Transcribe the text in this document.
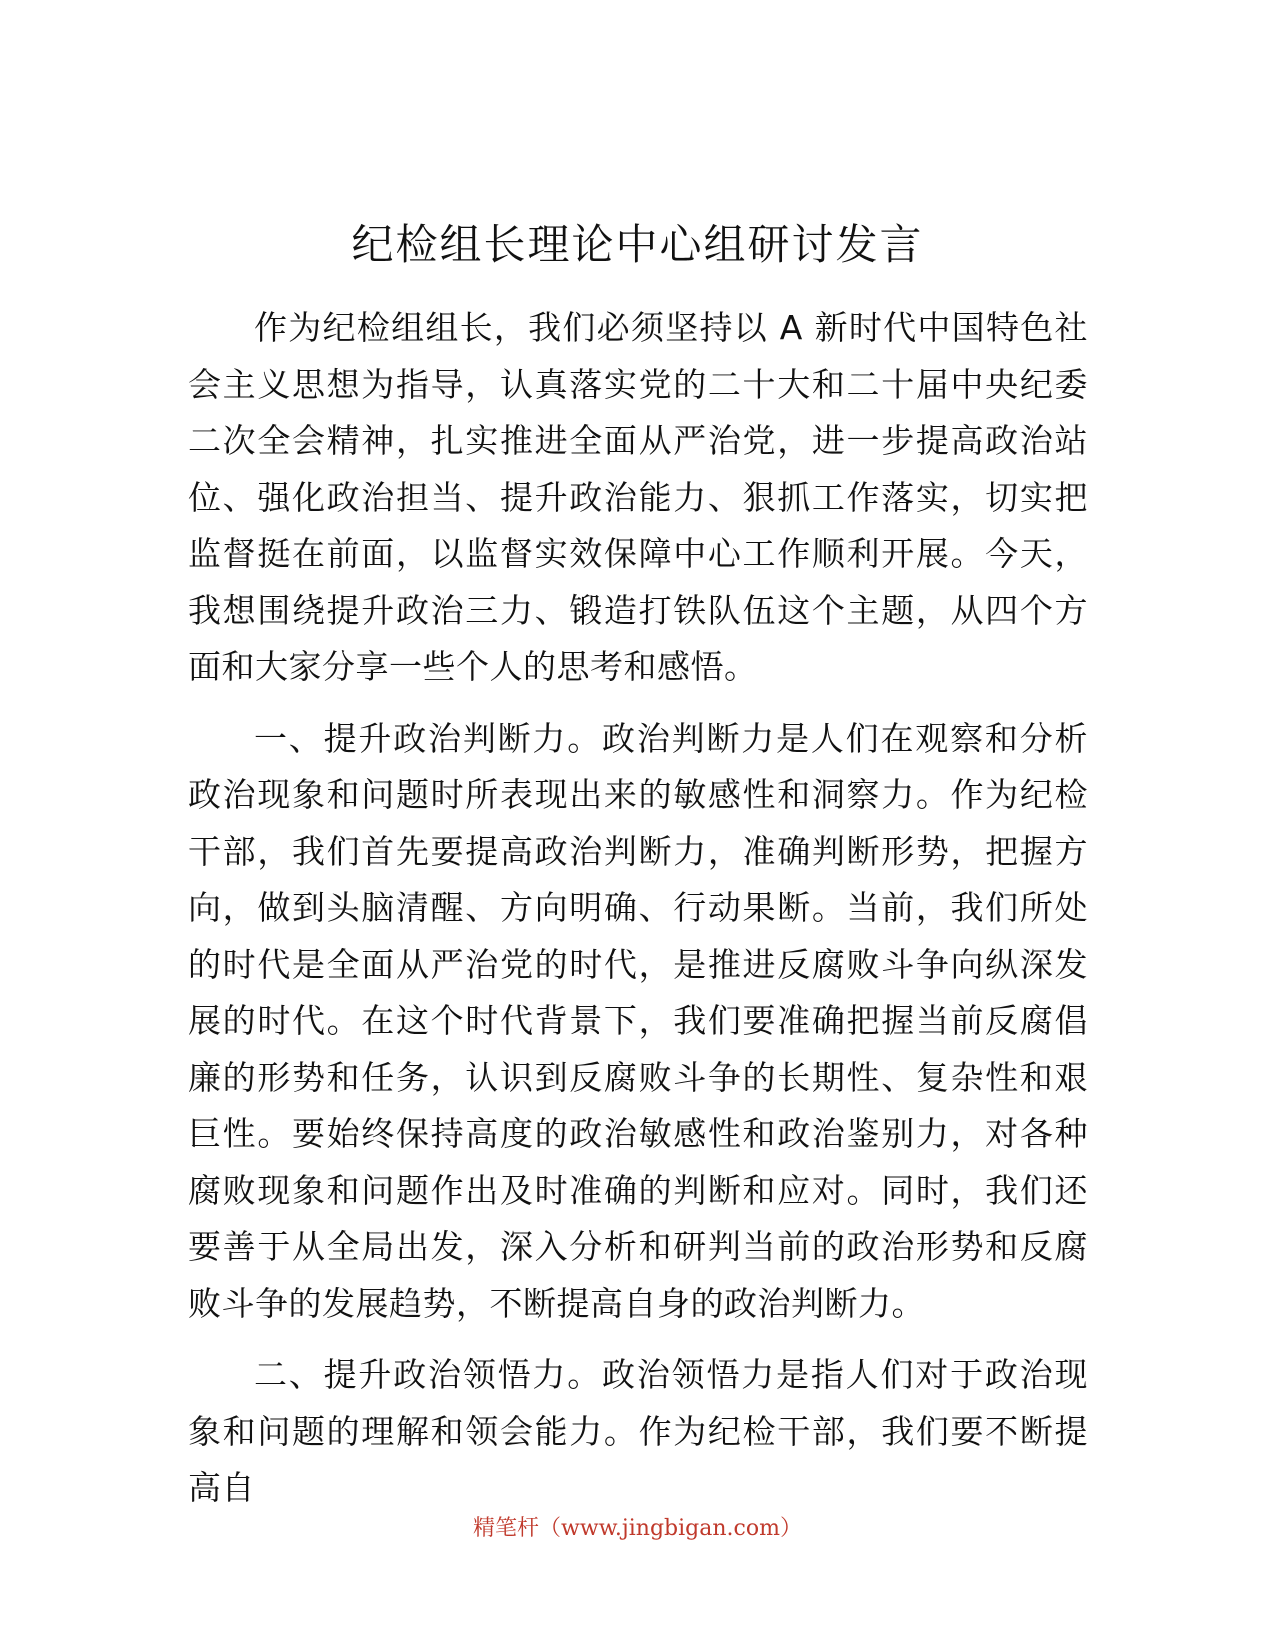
纪检组长理论中心组研讨发言

作为纪检组组长，我们必须坚持以 A 新时代中国特色社会主义思想为指导，认真落实党的二十大和二十届中央纪委二次全会精神，扎实推进全面从严治党，进一步提高政治站位、强化政治担当、提升政治能力、狠抓工作落实，切实把监督挺在前面，以监督实效保障中心工作顺利开展。今天，我想围绕提升政治三力、锻造打铁队伍这个主题，从四个方面和大家分享一些个人的思考和感悟。

一、提升政治判断力。政治判断力是人们在观察和分析政治现象和问题时所表现出来的敏感性和洞察力。作为纪检干部，我们首先要提高政治判断力，准确判断形势，把握方向，做到头脑清醒、方向明确、行动果断。当前，我们所处的时代是全面从严治党的时代，是推进反腐败斗争向纵深发展的时代。在这个时代背景下，我们要准确把握当前反腐倡廉的形势和任务，认识到反腐败斗争的长期性、复杂性和艰巨性。要始终保持高度的政治敏感性和政治鉴别力，对各种腐败现象和问题作出及时准确的判断和应对。同时，我们还要善于从全局出发，深入分析和研判当前的政治形势和反腐败斗争的发展趋势，不断提高自身的政治判断力。

二、提升政治领悟力。政治领悟力是指人们对于政治现象和问题的理解和领会能力。作为纪检干部，我们要不断提高自

精笔杆（www.jingbigan.com）
